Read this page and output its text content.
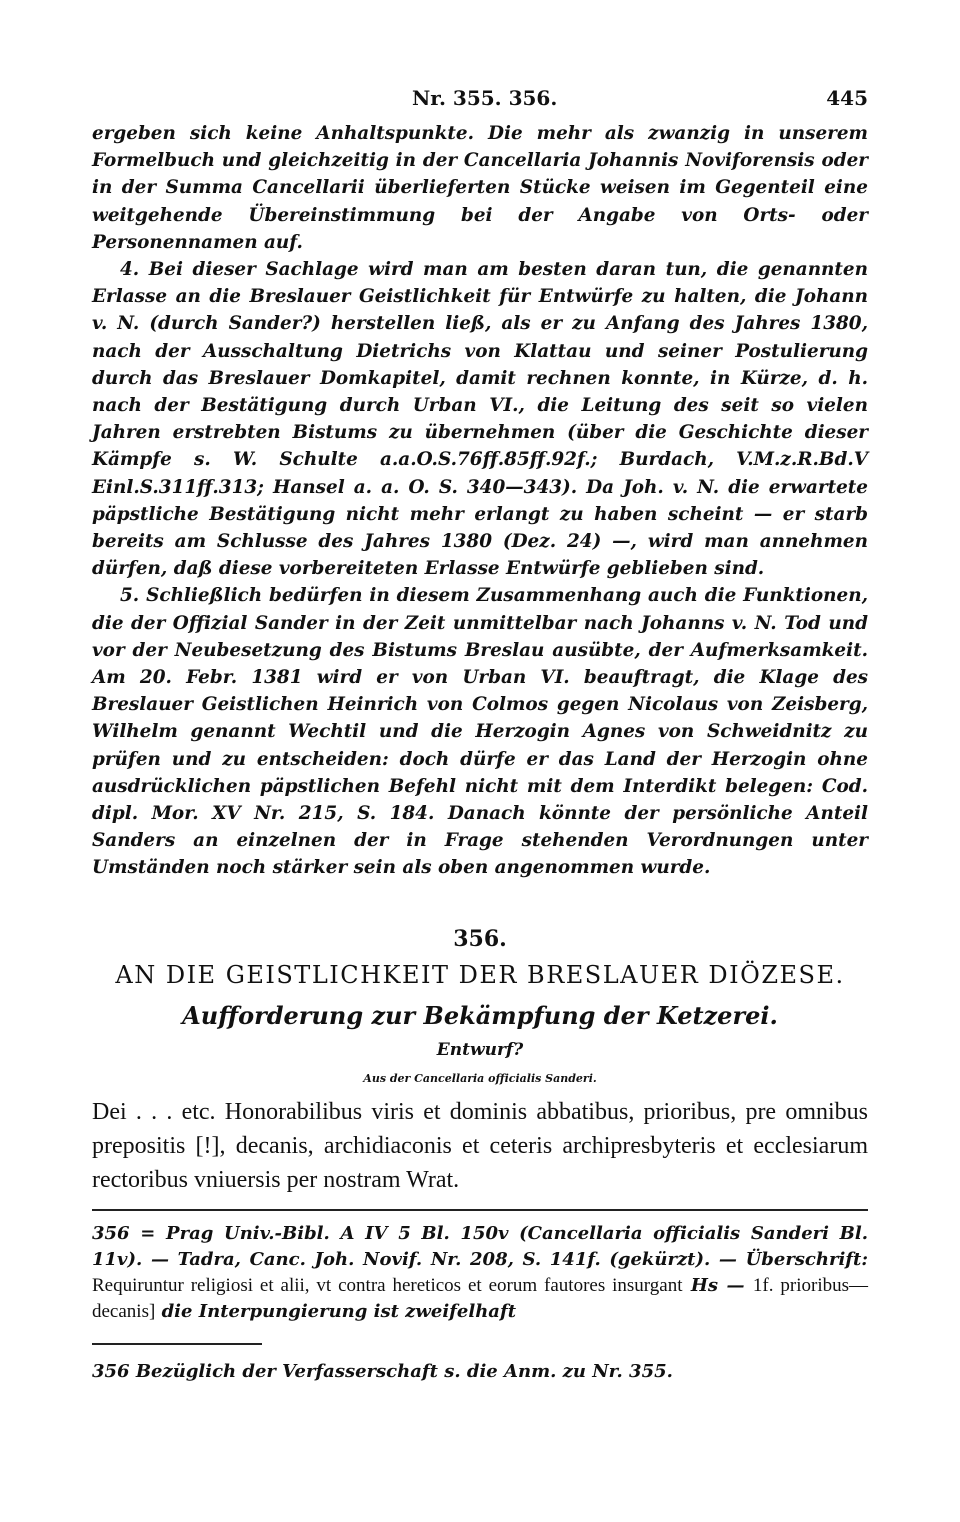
Nr. 355. 356.	445

ergeben sich keine Anhaltspunkte. Die mehr als zwanzig in unserem Formelbuch und gleichzeitig in der Cancellaria Johannis Noviforensis oder in der Summa Cancellarii überlieferten Stücke weisen im Gegenteil eine weitgehende Übereinstimmung bei der Angabe von Orts- oder Personennamen auf.

4. Bei dieser Sachlage wird man am besten daran tun, die genannten Erlasse an die Breslauer Geistlichkeit für Entwürfe zu halten, die Johann v. N. (durch Sander?) herstellen ließ, als er zu Anfang des Jahres 1380, nach der Ausschaltung Dietrichs von Klattau und seiner Postulierung durch das Breslauer Domkapitel, damit rechnen konnte, in Kürze, d. h. nach der Bestätigung durch Urban VI., die Leitung des seit so vielen Jahren erstrebten Bistums zu übernehmen (über die Geschichte dieser Kämpfe s. W. Schulte a.a.O.S.76ff.85ff.92f.; Burdach, V.M.z.R.Bd.V Einl.S.311ff.313; Hansel a. a. O. S. 340—343). Da Joh. v. N. die erwartete päpstliche Bestätigung nicht mehr erlangt zu haben scheint — er starb bereits am Schlusse des Jahres 1380 (Dez. 24) —, wird man annehmen dürfen, daß diese vorbereiteten Erlasse Entwürfe geblieben sind.

5. Schließlich bedürfen in diesem Zusammenhang auch die Funktionen, die der Offizial Sander in der Zeit unmittelbar nach Johanns v. N. Tod und vor der Neubesetzung des Bistums Breslau ausübte, der Aufmerksamkeit. Am 20. Febr. 1381 wird er von Urban VI. beauftragt, die Klage des Breslauer Geistlichen Heinrich von Colmos gegen Nicolaus von Zeisberg, Wilhelm genannt Wechtil und die Herzogin Agnes von Schweidnitz zu prüfen und zu entscheiden: doch dürfe er das Land der Herzogin ohne ausdrücklichen päpstlichen Befehl nicht mit dem Interdikt belegen: Cod. dipl. Mor. XV Nr. 215, S. 184. Danach könnte der persönliche Anteil Sanders an einzelnen der in Frage stehenden Verordnungen unter Umständen noch stärker sein als oben angenommen wurde.

356.
AN DIE GEISTLICHKEIT DER BRESLAUER DIÖZESE.
Aufforderung zur Bekämpfung der Ketzerei.
Entwurf?
Aus der Cancellaria officialis Sanderi.
Dei . . . etc. Honorabilibus viris et dominis abbatibus, prioribus, pre omnibus prepositis [!], decanis, archidiaconis et ceteris archipresbyteris et ecclesiarum rectoribus vniuersis per nostram Wrat.
356 = Prag Univ.-Bibl. A IV 5 Bl. 150v (Cancellaria officialis Sanderi Bl. 11v). — Tadra, Canc. Joh. Novif. Nr. 208, S. 141f. (gekürzt). — Überschrift: Requiruntur religiosi et alii, vt contra hereticos et eorum fautores insurgant Hs — 1f. prioribus—decanis] die Interpungierung ist zweifelhaft
356 Bezüglich der Verfasserschaft s. die Anm. zu Nr. 355.
